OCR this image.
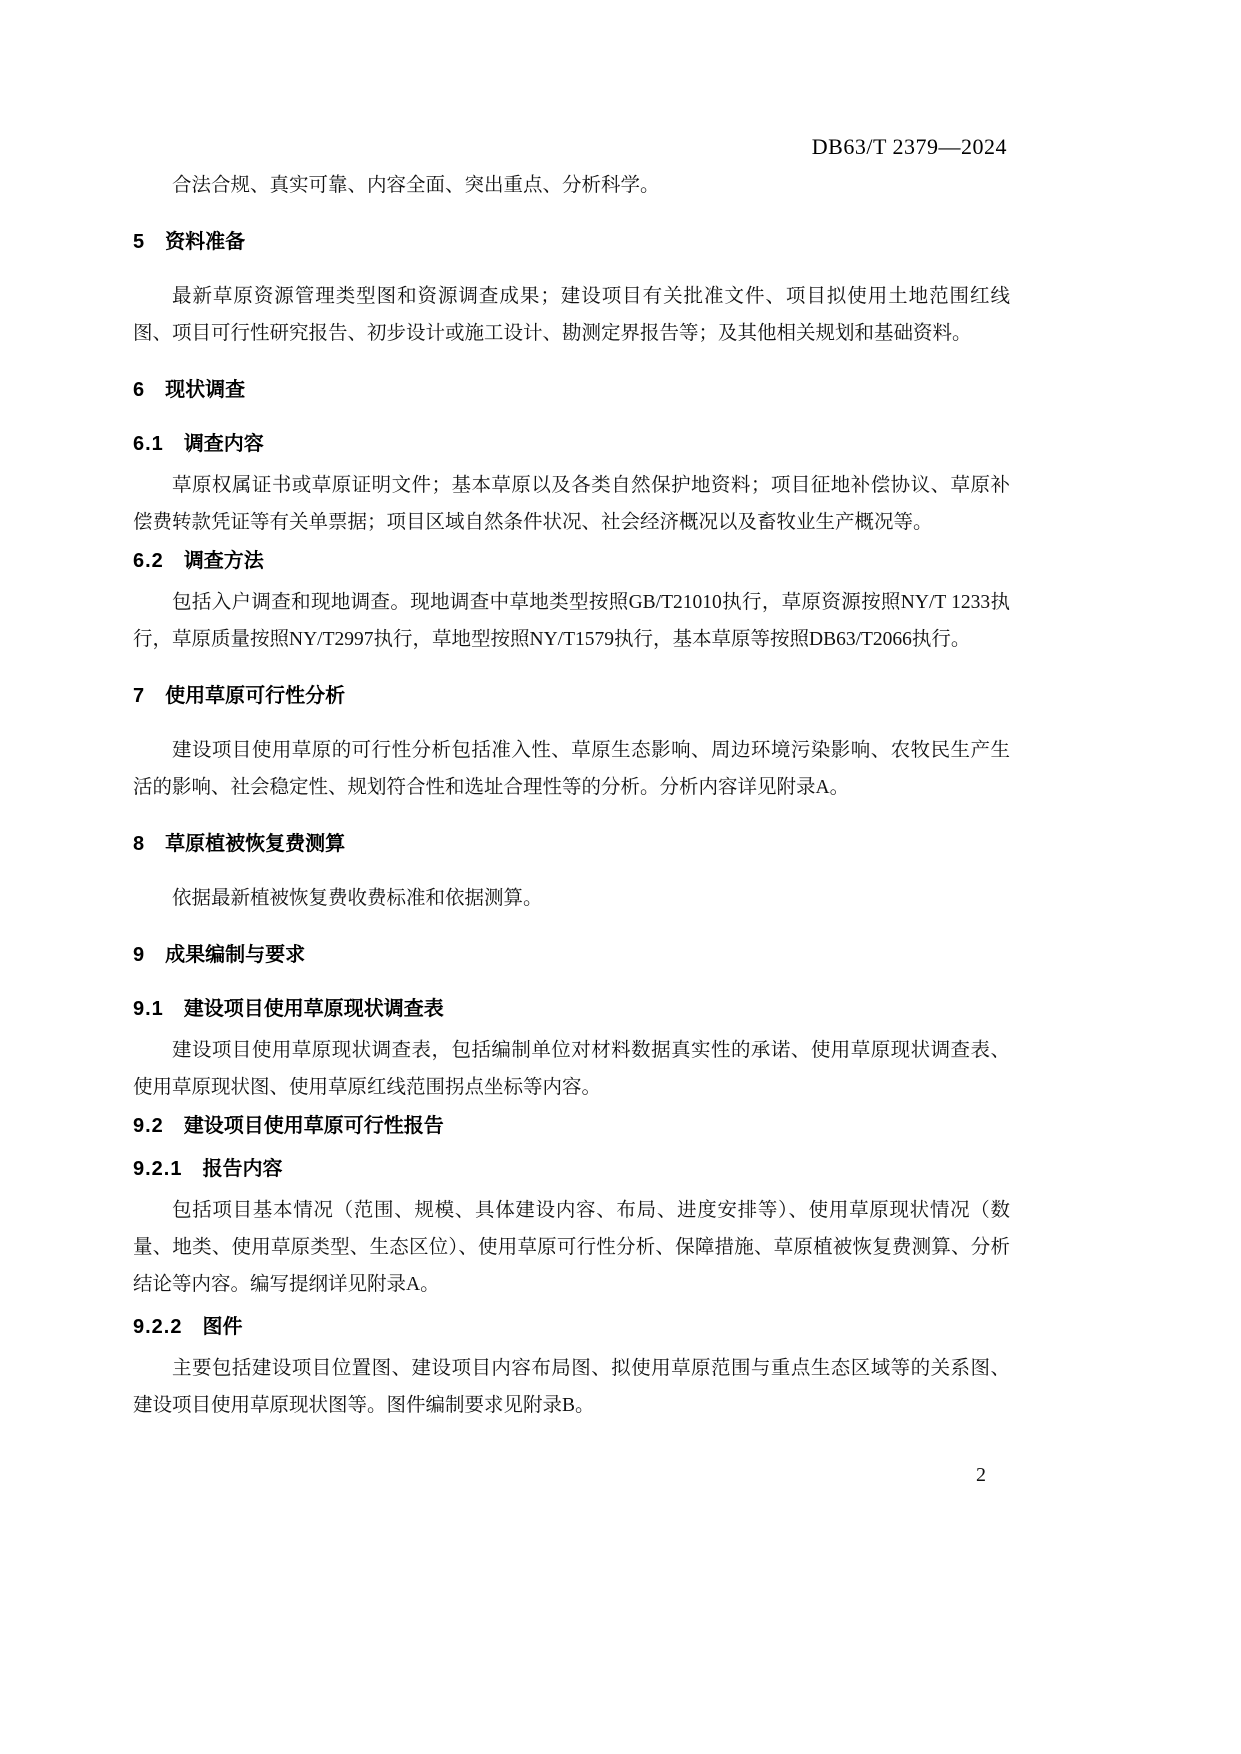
DB63/T 2379—2024
合法合规、真实可靠、内容全面、突出重点、分析科学。
5 资料准备
最新草原资源管理类型图和资源调查成果；建设项目有关批准文件、项目拟使用土地范围红线图、项目可行性研究报告、初步设计或施工设计、勘测定界报告等；及其他相关规划和基础资料。
6 现状调查
6.1 调查内容
草原权属证书或草原证明文件；基本草原以及各类自然保护地资料；项目征地补偿协议、草原补偿费转款凭证等有关单票据；项目区域自然条件状况、社会经济概况以及畜牧业生产概况等。
6.2 调查方法
包括入户调查和现地调查。现地调查中草地类型按照GB/T21010执行，草原资源按照NY/T 1233执行，草原质量按照NY/T2997执行，草地型按照NY/T1579执行，基本草原等按照DB63/T2066执行。
7 使用草原可行性分析
建设项目使用草原的可行性分析包括准入性、草原生态影响、周边环境污染影响、农牧民生产生活的影响、社会稳定性、规划符合性和选址合理性等的分析。分析内容详见附录A。
8 草原植被恢复费测算
依据最新植被恢复费收费标准和依据测算。
9 成果编制与要求
9.1 建设项目使用草原现状调查表
建设项目使用草原现状调查表，包括编制单位对材料数据真实性的承诺、使用草原现状调查表、使用草原现状图、使用草原红线范围拐点坐标等内容。
9.2 建设项目使用草原可行性报告
9.2.1 报告内容
包括项目基本情况（范围、规模、具体建设内容、布局、进度安排等）、使用草原现状情况（数量、地类、使用草原类型、生态区位）、使用草原可行性分析、保障措施、草原植被恢复费测算、分析结论等内容。编写提纲详见附录A。
9.2.2 图件
主要包括建设项目位置图、建设项目内容布局图、拟使用草原范围与重点生态区域等的关系图、建设项目使用草原现状图等。图件编制要求见附录B。
2
